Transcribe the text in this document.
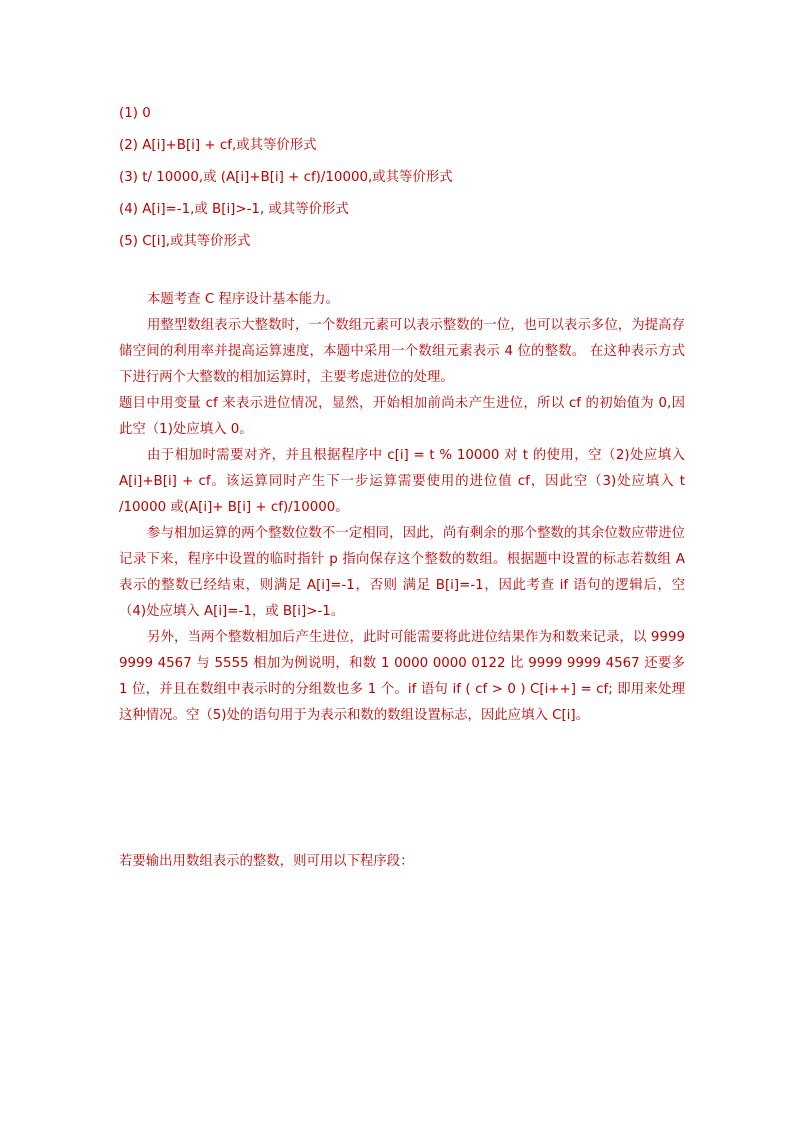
(1) 0
(2) A[i]+B[i] + cf,或其等价形式
(3) t/ 10000,或 (A[i]+B[i] + cf)/10000,或其等价形式
(4) A[i]=-1,或 B[i]>-1, 或其等价形式
(5) C[i],或其等价形式

本题考查 C 程序设计基本能力。

用整型数组表示大整数时，一个数组元素可以表示整数的一位，也可以表示多位，为提高存储空间的利用率并提高运算速度，本题中采用一个数组元素表示 4 位的整数。 在这种表示方式下进行两个大整数的相加运算时，主要考虑进位的处理。

题目中用变量 cf 来表示进位情况，显然，开始相加前尚未产生进位，所以 cf 的初始值为 0,因此空（1)处应填入 0。

由于相加时需要对齐，并且根据程序中 c[i] = t % 10000 对 t 的使用，空（2)处应填入 A[i]+B[i] + cf。该运算同时产生下一步运算需要使用的进位值 cf，因此空（3)处应填入 t /10000 或(A[i]+ B[i] + cf)/10000。

参与相加运算的两个整数位数不一定相同，因此，尚有剩余的那个整数的其余位数应带进位记录下来，程序中设置的临时指针 p 指向保存这个整数的数组。根据题中设置的标志若数组 A 表示的整数已经结束，则满足 A[i]=-1，否则 满足 B[i]=-1，因此考查 if 语句的逻辑后，空（4)处应填入 A[i]=-1，或 B[i]>-1。

另外，当两个整数相加后产生进位，此时可能需要将此进位结果作为和数来记录，以 9999 9999 4567 与 5555 相加为例说明，和数 1 0000 0000 0122 比 9999 9999 4567 还要多 1 位，并且在数组中表示时的分组数也多 1 个。if 语句 if ( cf > 0 ) C[i++] = cf; 即用来处理这种情况。空（5)处的语句用于为表示和数的数组设置标志，因此应填入 C[i]。

若要输出用数组表示的整数，则可用以下程序段：
